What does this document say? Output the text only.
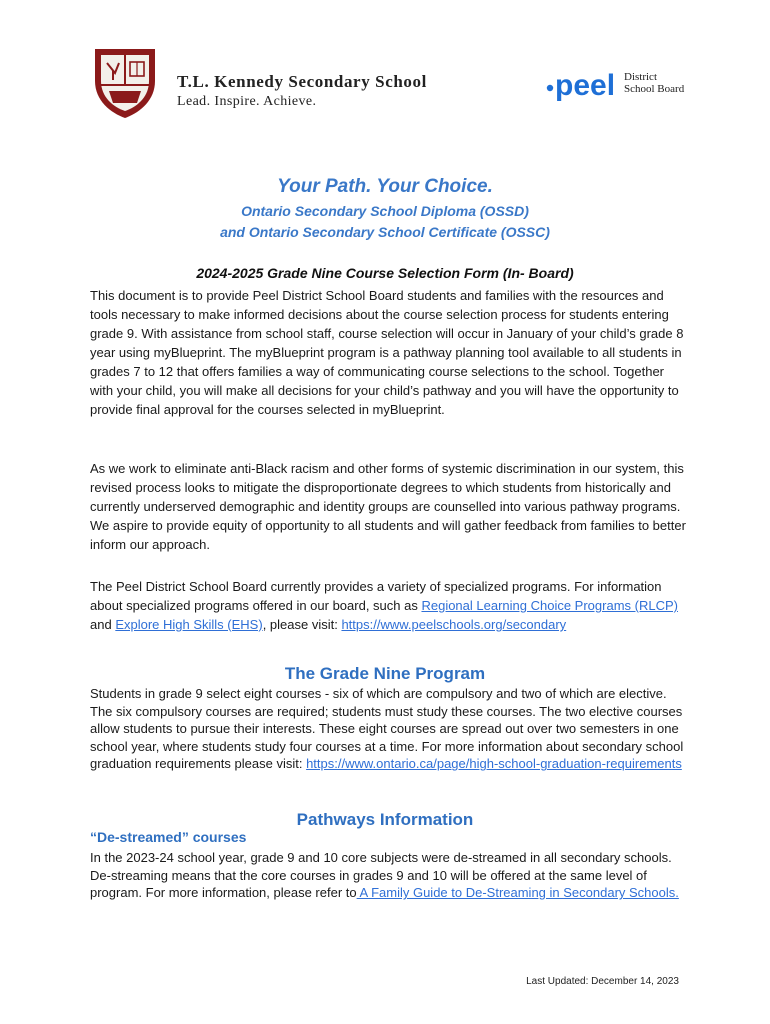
T.L. Kennedy Secondary School
Lead. Inspire. Achieve.	peel District
School Board
Your Path. Your Choice.
Ontario Secondary School Diploma (OSSD)
and Ontario Secondary School Certificate (OSSC)
2024-2025 Grade Nine Course Selection Form (In- Board)

This document is to provide Peel District School Board students and families with the resources and tools necessary to make informed decisions about the course selection process for students entering grade 9. With assistance from school staff, course selection will occur in January of your child’s grade 8 year using myBlueprint. The myBlueprint program is a pathway planning tool available to all students in grades 7 to 12 that offers families a way of communicating course selections to the school. Together with your child, you will make all decisions for your child’s pathway and you will have the opportunity to provide final approval for the courses selected in myBlueprint.

As we work to eliminate anti-Black racism and other forms of systemic discrimination in our system, this revised process looks to mitigate the disproportionate degrees to which students from historically and currently underserved demographic and identity groups are counselled into various pathway programs. We aspire to provide equity of opportunity to all students and will gather feedback from families to better inform our approach.

The Peel District School Board currently provides a variety of specialized programs. For information about specialized programs offered in our board, such as Regional Learning Choice Programs (RLCP) and Explore High Skills (EHS), please visit: https://www.peelschools.org/secondary

The Grade Nine Program

Students in grade 9 select eight courses - six of which are compulsory and two of which are elective. The six compulsory courses are required; students must study these courses. The two elective courses allow students to pursue their interests. These eight courses are spread out over two semesters in one school year, where students study four courses at a time. For more information about secondary school graduation requirements please visit: https://www.ontario.ca/page/high-school-graduation-requirements

Pathways Information
“De-streamed” courses

In the 2023-24 school year, grade 9 and 10 core subjects were de-streamed in all secondary schools. De-streaming means that the core courses in grades 9 and 10 will be offered at the same level of program. For more information, please refer to A Family Guide to De-Streaming in Secondary Schools.

Last Updated: December 14, 2023
